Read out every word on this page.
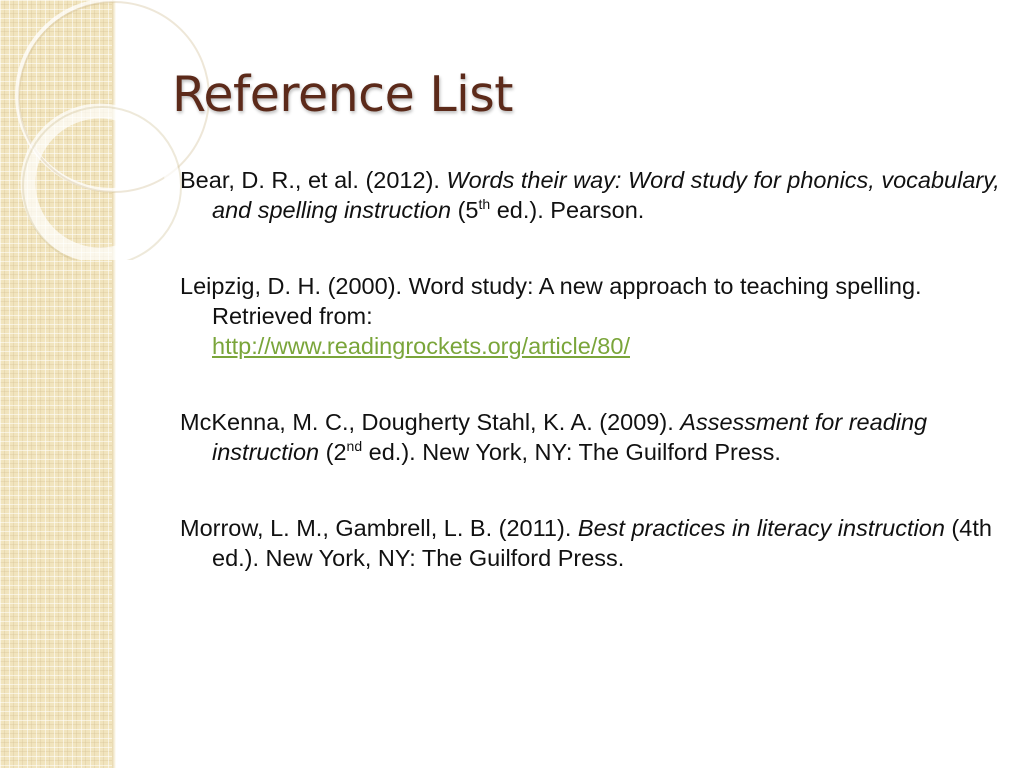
Reference List

Bear, D. R., et al. (2012). Words their way: Word study for phonics, vocabulary, and spelling instruction (5th ed.). Pearson.

Leipzig, D. H. (2000). Word study: A new approach to teaching spelling. Retrieved from:
http://www.readingrockets.org/article/80/

McKenna, M. C., Dougherty Stahl, K. A. (2009). Assessment for reading instruction (2nd ed.). New York, NY: The Guilford Press.

Morrow, L. M., Gambrell, L. B. (2011). Best practices in literacy instruction (4th ed.). New York, NY: The Guilford Press.
